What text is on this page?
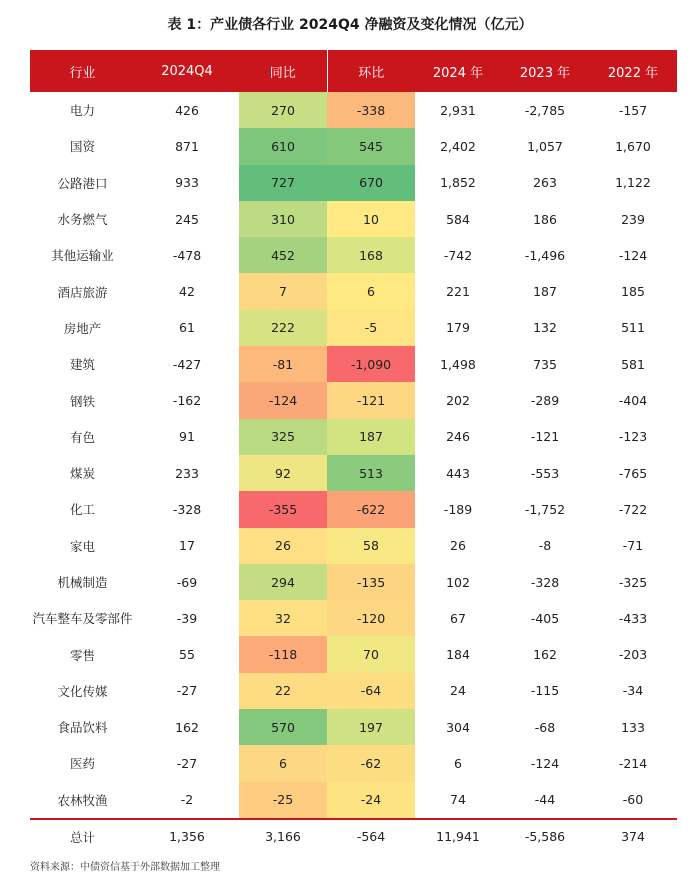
表 1：产业债各行业 2024Q4 净融资及变化情况（亿元）
行业	2024Q4	同比	环比	2024 年	2023 年	2022 年
电力	426	270	-338	2,931	-2,785	-157
国资	871	610	545	2,402	1,057	1,670
公路港口	933	727	670	1,852	263	1,122
水务燃气	245	310	10	584	186	239
其他运输业	-478	452	168	-742	-1,496	-124
酒店旅游	42	7	6	221	187	185
房地产	61	222	-5	179	132	511
建筑	-427	-81	-1,090	1,498	735	581
钢铁	-162	-124	-121	202	-289	-404
有色	91	325	187	246	-121	-123
煤炭	233	92	513	443	-553	-765
化工	-328	-355	-622	-189	-1,752	-722
家电	17	26	58	26	-8	-71
机械制造	-69	294	-135	102	-328	-325
汽车整车及零部件	-39	32	-120	67	-405	-433
零售	55	-118	70	184	162	-203
文化传媒	-27	22	-64	24	-115	-34
食品饮料	162	570	197	304	-68	133
医药	-27	6	-62	6	-124	-214
农林牧渔	-2	-25	-24	74	-44	-60
总计	1,356	3,166	-564	11,941	-5,586	374
资料来源：中债资信基于外部数据加工整理
